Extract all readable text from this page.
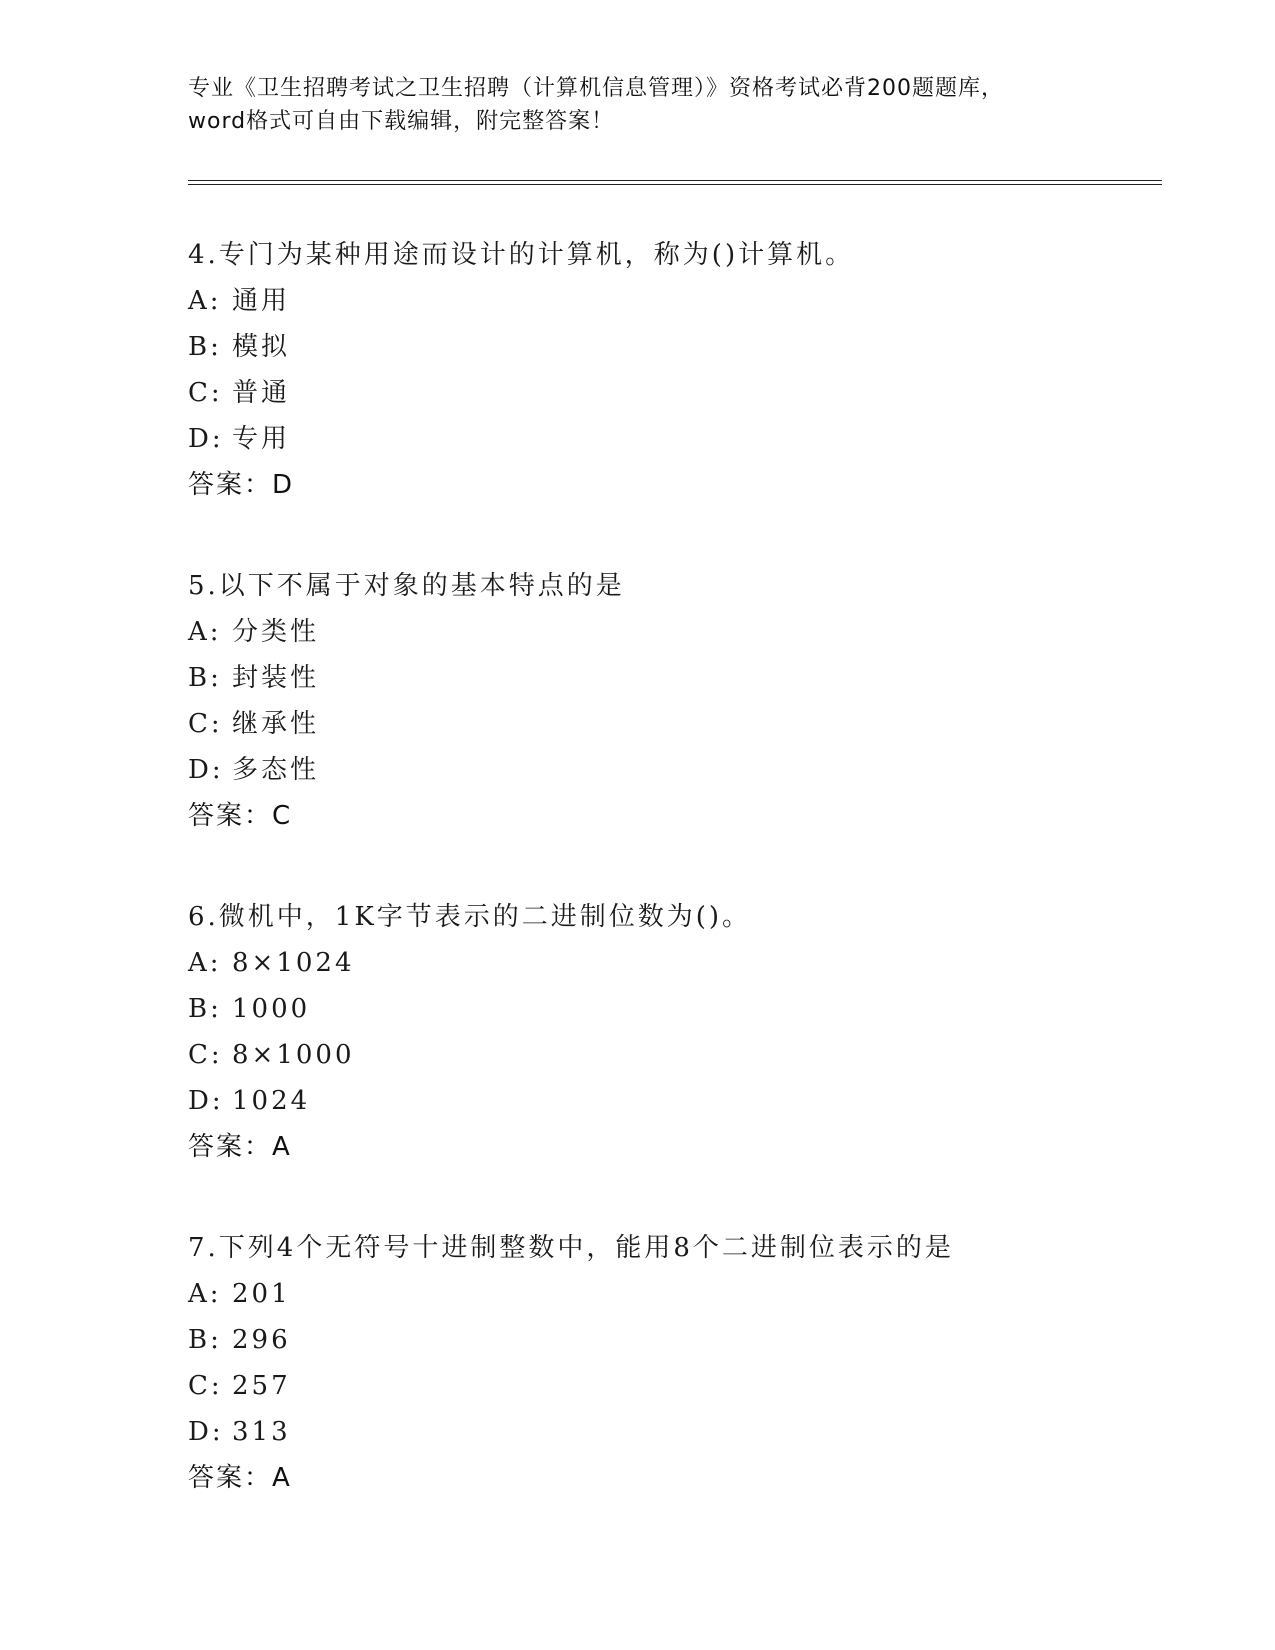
专业《卫生招聘考试之卫生招聘（计算机信息管理）》资格考试必背200题题库，
word格式可自由下载编辑，附完整答案！
4.专门为某种用途而设计的计算机，称为()计算机。
A: 通用
B: 模拟
C: 普通
D: 专用
答案：D
5.以下不属于对象的基本特点的是
A: 分类性
B: 封装性
C: 继承性
D: 多态性
答案：C
6.微机中，1K字节表示的二进制位数为()。
A: 8×1024
B: 1000
C: 8×1000
D: 1024
答案：A
7.下列4个无符号十进制整数中，能用8个二进制位表示的是
A: 201
B: 296
C: 257
D: 313
答案：A
